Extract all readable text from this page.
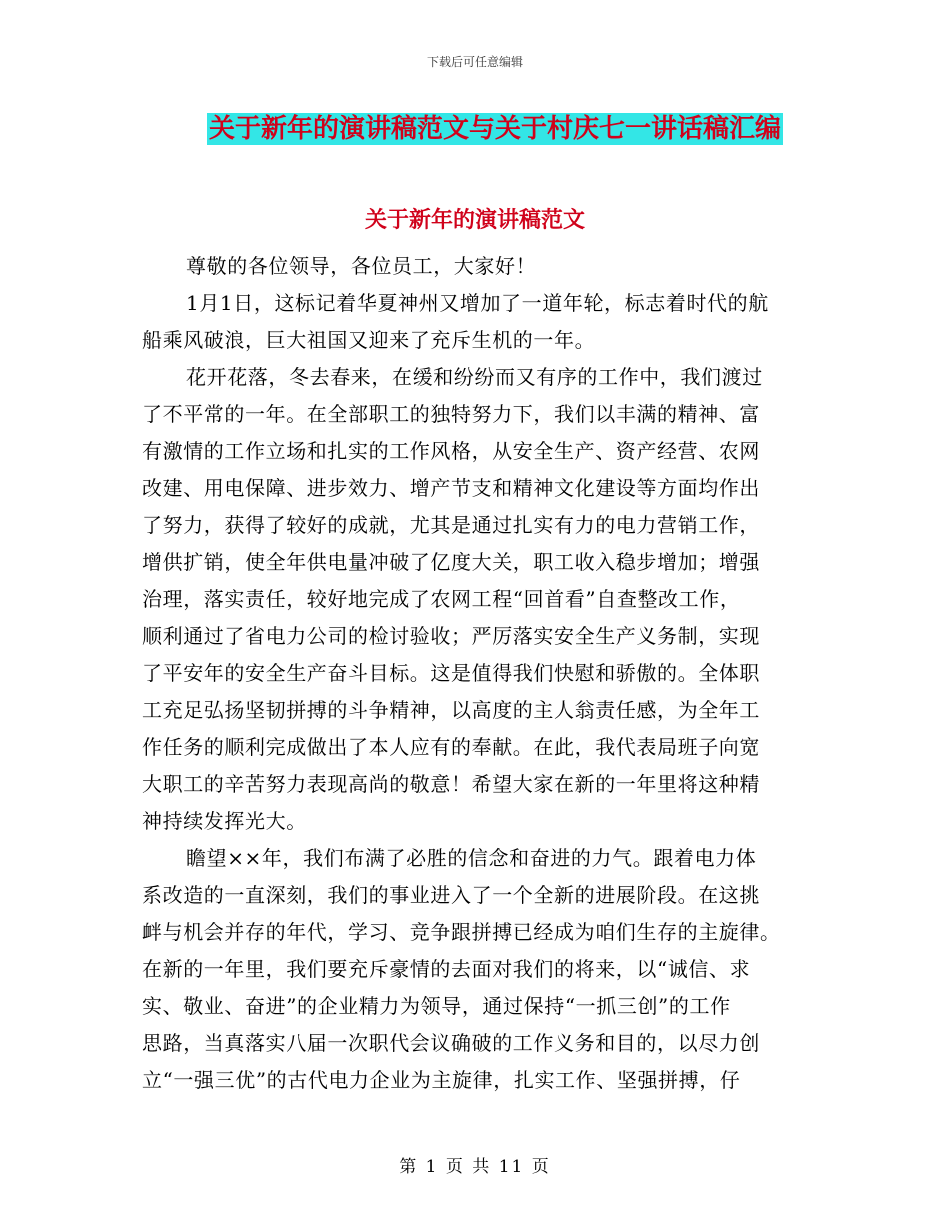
下载后可任意编辑
关于新年的演讲稿范文与关于村庆七一讲话稿汇编
关于新年的演讲稿范文
尊敬的各位领导，各位员工，大家好！
1月1日，这标记着华夏神州又增加了一道年轮，标志着时代的航
船乘风破浪，巨大祖国又迎来了充斥生机的一年。
花开花落，冬去春来，在缓和纷纷而又有序的工作中，我们渡过
了不平常的一年。在全部职工的独特努力下，我们以丰满的精神、富
有激情的工作立场和扎实的工作风格，从安全生产、资产经营、农网
改建、用电保障、进步效力、增产节支和精神文化建设等方面均作出
了努力，获得了较好的成就，尤其是通过扎实有力的电力营销工作，
增供扩销，使全年供电量冲破了亿度大关，职工收入稳步增加；增强
治理，落实责任，较好地完成了农网工程“回首看”自查整改工作，
顺利通过了省电力公司的检讨验收；严厉落实安全生产义务制，实现
了平安年的安全生产奋斗目标。这是值得我们快慰和骄傲的。全体职
工充足弘扬坚韧拼搏的斗争精神，以高度的主人翁责任感，为全年工
作任务的顺利完成做出了本人应有的奉献。在此，我代表局班子向宽
大职工的辛苦努力表现高尚的敬意！希望大家在新的一年里将这种精
神持续发挥光大。
瞻望××年，我们布满了必胜的信念和奋进的力气。跟着电力体
系改造的一直深刻，我们的事业进入了一个全新的进展阶段。在这挑
衅与机会并存的年代，学习、竞争跟拼搏已经成为咱们生存的主旋律。
在新的一年里，我们要充斥豪情的去面对我们的将来，以“诚信、求
实、敬业、奋进”的企业精力为领导，通过保持“一抓三创”的工作
思路，当真落实八届一次职代会议确破的工作义务和目的，以尽力创
立“一强三优”的古代电力企业为主旋律，扎实工作、坚强拼搏，仔
第 1 页 共 11 页
